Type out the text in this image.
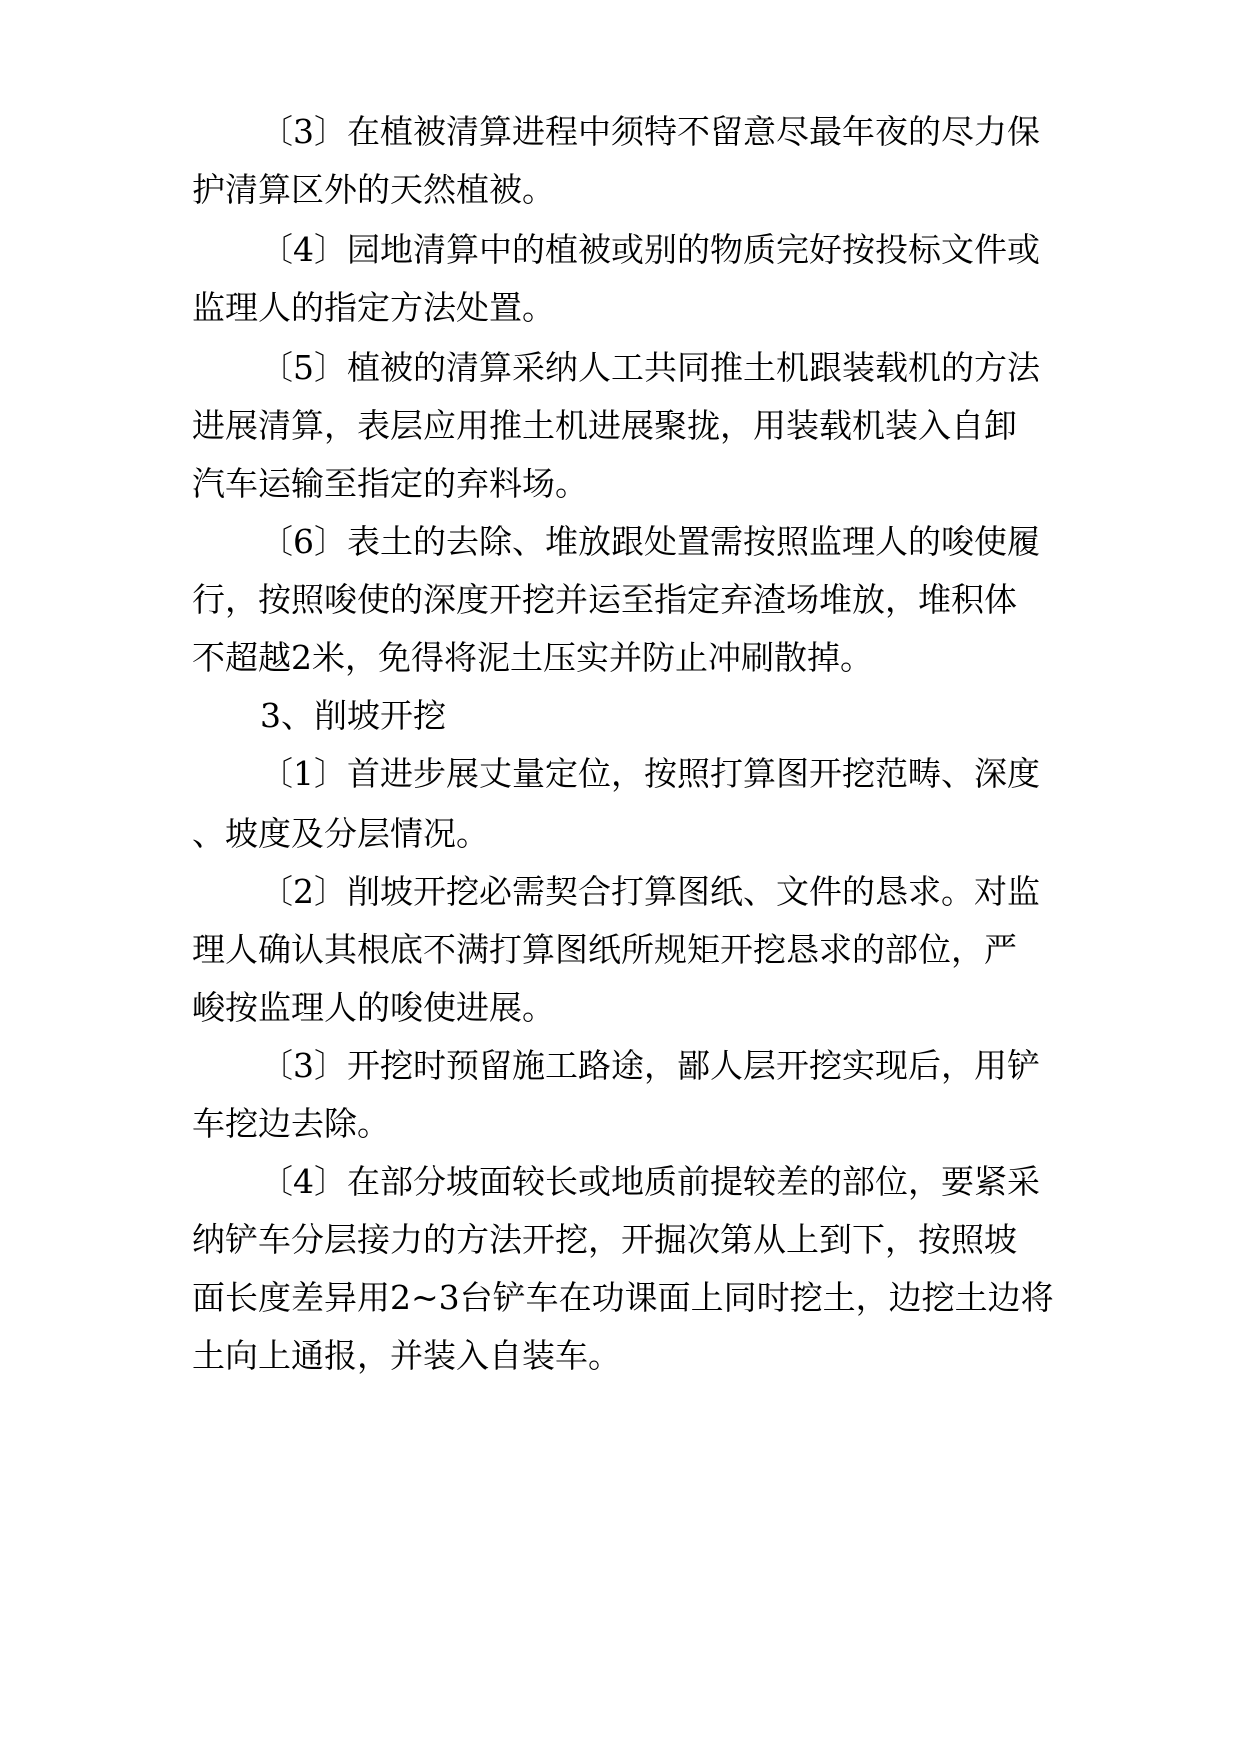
〔3〕在植被清算进程中须特不留意尽最年夜的尽力保
护清算区外的天然植被。
〔4〕园地清算中的植被或别的物质完好按投标文件或
监理人的指定方法处置。
〔5〕植被的清算采纳人工共同推土机跟装载机的方法
进展清算，表层应用推土机进展聚拢，用装载机装入自卸
汽车运输至指定的弃料场。
〔6〕表土的去除、堆放跟处置需按照监理人的唆使履
行，按照唆使的深度开挖并运至指定弃渣场堆放，堆积体
不超越2米，免得将泥土压实并防止冲刷散掉。
3、削坡开挖
〔1〕首进步展丈量定位，按照打算图开挖范畴、深度
、坡度及分层情况。
〔2〕削坡开挖必需契合打算图纸、文件的恳求。对监
理人确认其根底不满打算图纸所规矩开挖恳求的部位，严
峻按监理人的唆使进展。
〔3〕开挖时预留施工路途，鄙人层开挖实现后，用铲
车挖边去除。
〔4〕在部分坡面较长或地质前提较差的部位，要紧采
纳铲车分层接力的方法开挖，开掘次第从上到下，按照坡
面长度差异用2~3台铲车在功课面上同时挖土，边挖土边将
土向上通报，并装入自装车。
